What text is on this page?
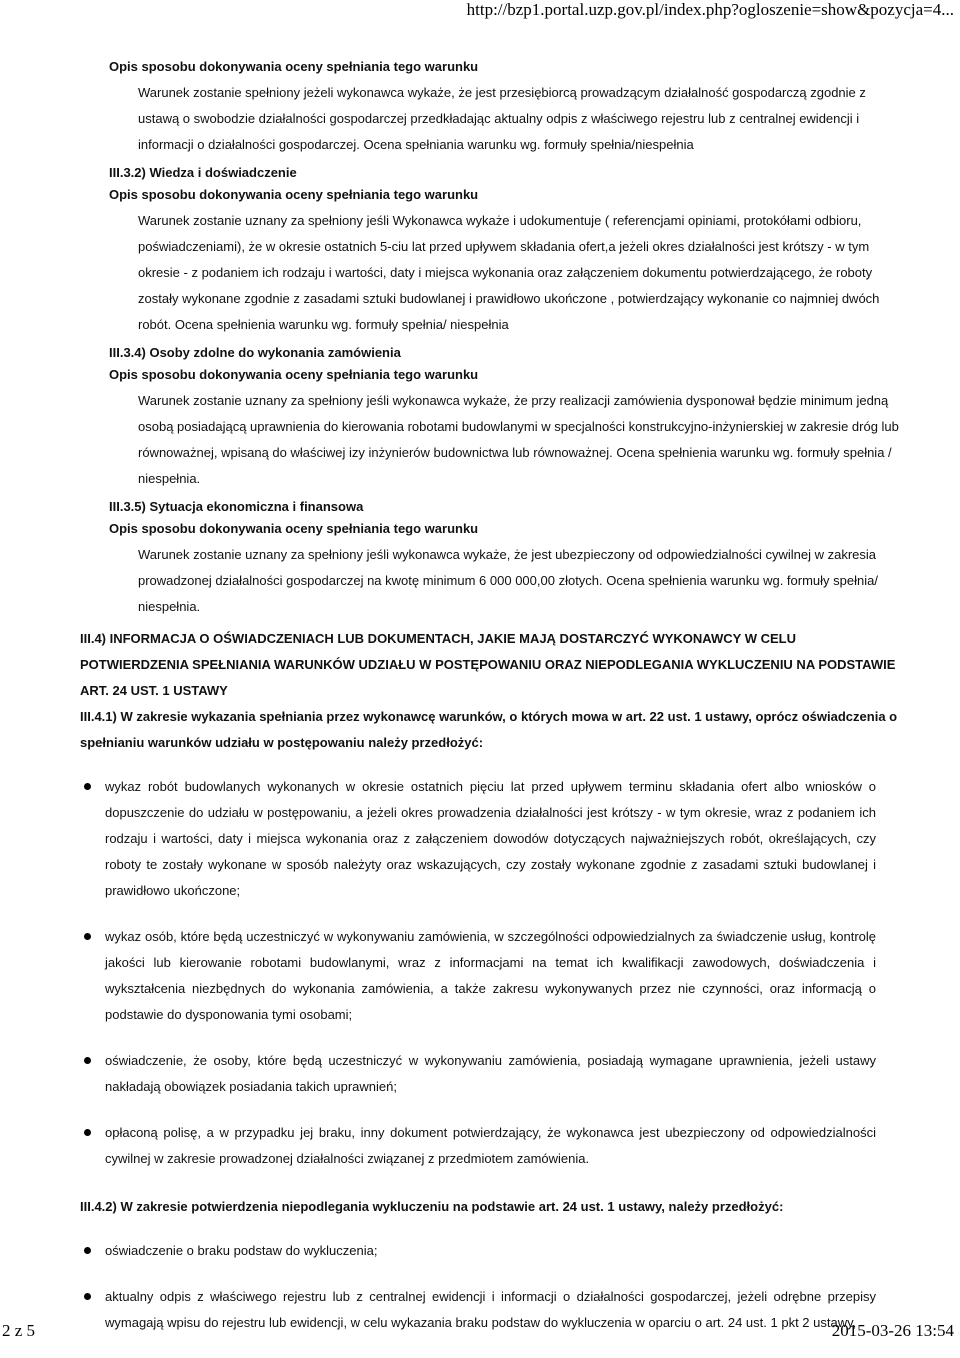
http://bzp1.portal.uzp.gov.pl/index.php?ogloszenie=show&pozycja=4...

Opis sposobu dokonywania oceny spełniania tego warunku

Warunek zostanie spełniony jeżeli wykonawca wykaże, że jest przesiębiorcą prowadzącym działalność gospodarczą zgodnie z ustawą o swobodzie działalności gospodarczej przedkładając aktualny odpis z właściwego rejestru lub z centralnej ewidencji i informacji o działalności gospodarczej. Ocena spełniania warunku wg. formuły spełnia/niespełnia

III.3.2) Wiedza i doświadczenie

Opis sposobu dokonywania oceny spełniania tego warunku

Warunek zostanie uznany za spełniony jeśli Wykonawca wykaże i udokumentuje ( referencjami opiniami, protokółami odbioru, poświadczeniami), że w okresie ostatnich 5-ciu lat przed upływem składania ofert,a jeżeli okres działalności jest krótszy - w tym okresie - z podaniem ich rodzaju i wartości, daty i miejsca wykonania oraz załączeniem dokumentu potwierdzającego, że roboty zostały wykonane zgodnie z zasadami sztuki budowlanej i prawidłowo ukończone , potwierdzający wykonanie co najmniej dwóch robót. Ocena spełnienia warunku wg. formuły spełnia/ niespełnia

III.3.4) Osoby zdolne do wykonania zamówienia

Opis sposobu dokonywania oceny spełniania tego warunku

Warunek zostanie uznany za spełniony jeśli wykonawca wykaże, że przy realizacji zamówienia dysponował będzie minimum jedną osobą posiadającą uprawnienia do kierowania robotami budowlanymi w specjalności konstrukcyjno-inżynierskiej w zakresie dróg lub równoważnej, wpisaną do właściwej izy inżynierów budownictwa lub równoważnej. Ocena spełnienia warunku wg. formuły spełnia / niespełnia.

III.3.5) Sytuacja ekonomiczna i finansowa

Opis sposobu dokonywania oceny spełniania tego warunku

Warunek zostanie uznany za spełniony jeśli wykonawca wykaże, że jest ubezpieczony od odpowiedzialności cywilnej w zakresia prowadzonej działalności gospodarczej na kwotę minimum 6 000 000,00 złotych. Ocena spełnienia warunku wg. formuły spełnia/ niespełnia.

III.4) INFORMACJA O OŚWIADCZENIACH LUB DOKUMENTACH, JAKIE MAJĄ DOSTARCZYĆ WYKONAWCY W CELU POTWIERDZENIA SPEŁNIANIA WARUNKÓW UDZIAŁU W POSTĘPOWANIU ORAZ NIEPODLEGANIA WYKLUCZENIU NA PODSTAWIE ART. 24 UST. 1 USTAWY

III.4.1) W zakresie wykazania spełniania przez wykonawcę warunków, o których mowa w art. 22 ust. 1 ustawy, oprócz oświadczenia o spełnianiu warunków udziału w postępowaniu należy przedłożyć:

wykaz robót budowlanych wykonanych w okresie ostatnich pięciu lat przed upływem terminu składania ofert albo wniosków o dopuszczenie do udziału w postępowaniu, a jeżeli okres prowadzenia działalności jest krótszy - w tym okresie, wraz z podaniem ich rodzaju i wartości, daty i miejsca wykonania oraz z załączeniem dowodów dotyczących najważniejszych robót, określających, czy roboty te zostały wykonane w sposób należyty oraz wskazujących, czy zostały wykonane zgodnie z zasadami sztuki budowlanej i prawidłowo ukończone;
wykaz osób, które będą uczestniczyć w wykonywaniu zamówienia, w szczególności odpowiedzialnych za świadczenie usług, kontrolę jakości lub kierowanie robotami budowlanymi, wraz z informacjami na temat ich kwalifikacji zawodowych, doświadczenia i wykształcenia niezbędnych do wykonania zamówienia, a także zakresu wykonywanych przez nie czynności, oraz informacją o podstawie do dysponowania tymi osobami;
oświadczenie, że osoby, które będą uczestniczyć w wykonywaniu zamówienia, posiadają wymagane uprawnienia, jeżeli ustawy nakładają obowiązek posiadania takich uprawnień;
opłaconą polisę, a w przypadku jej braku, inny dokument potwierdzający, że wykonawca jest ubezpieczony od odpowiedzialności cywilnej w zakresie prowadzonej działalności związanej z przedmiotem zamówienia.

III.4.2) W zakresie potwierdzenia niepodlegania wykluczeniu na podstawie art. 24 ust. 1 ustawy, należy przedłożyć:

oświadczenie o braku podstaw do wykluczenia;
aktualny odpis z właściwego rejestru lub z centralnej ewidencji i informacji o działalności gospodarczej, jeżeli odrębne przepisy wymagają wpisu do rejestru lub ewidencji, w celu wykazania braku podstaw do wykluczenia w oparciu o art. 24 ust. 1 pkt 2 ustawy,
2 z 5	2015-03-26 13:54
